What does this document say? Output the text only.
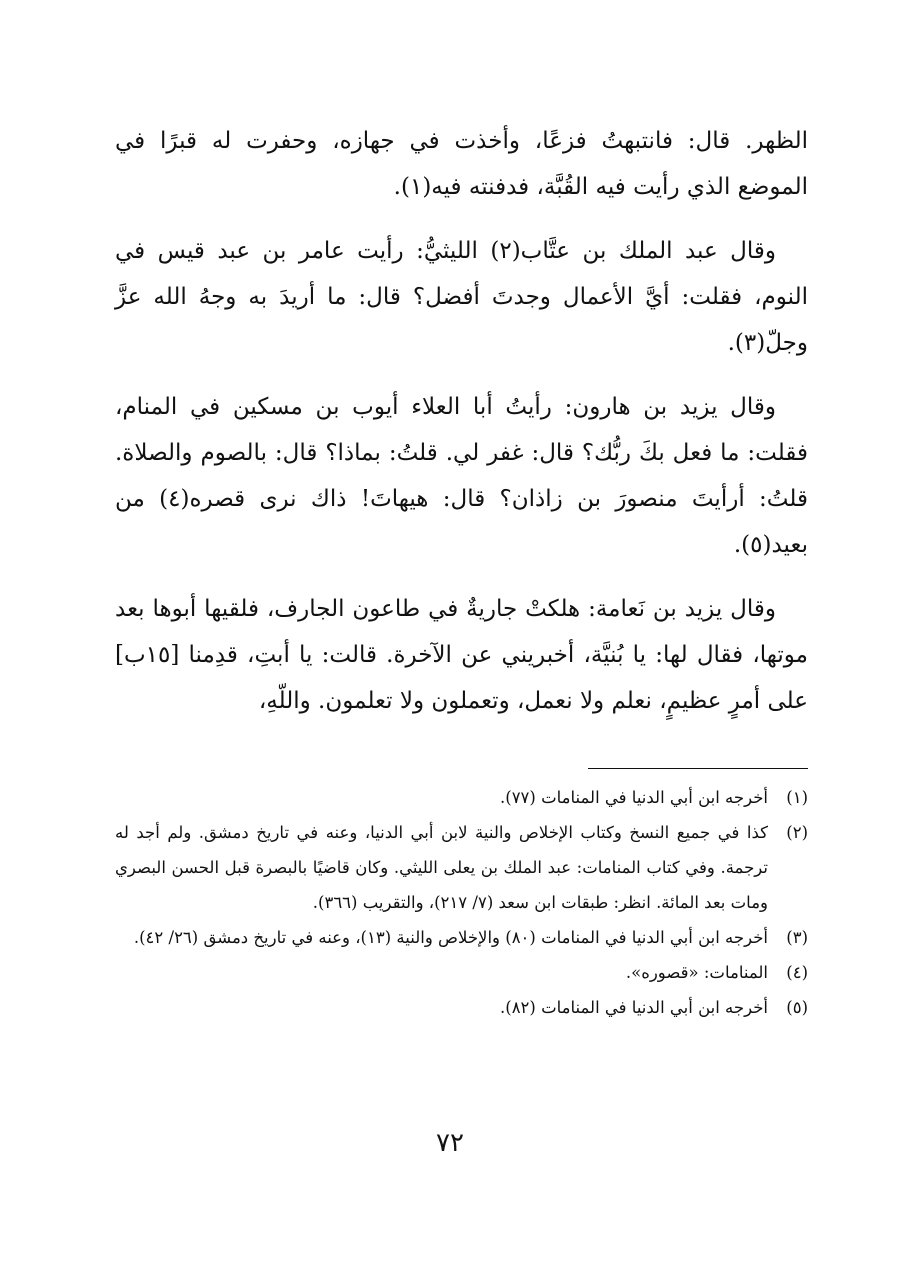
الظهر. قال: فانتبهتُ فزعًا، وأخذت في جهازه، وحفرت له قبرًا في الموضع الذي رأيت فيه القُبَّة، فدفنته فيه(١).

وقال عبد الملك بن عتَّاب(٢) الليثيُّ: رأيت عامر بن عبد قيس في النوم، فقلت: أيَّ الأعمال وجدتَ أفضل؟ قال: ما أريدَ به وجهُ الله عزَّ وجلّ(٣).

وقال يزيد بن هارون: رأيتُ أبا العلاء أيوب بن مسكين في المنام، فقلت: ما فعل بكَ ربُّك؟ قال: غفر لي. قلتُ: بماذا؟ قال: بالصوم والصلاة. قلتُ: أرأيتَ منصورَ بن زاذان؟ قال: هيهاتَ! ذاك نرى قصره(٤) من بعيد(٥).

وقال يزيد بن نَعامة: هلكتْ جاريةٌ في طاعون الجارف، فلقيها أبوها بعد موتها، فقال لها: يا بُنيَّة، أخبريني عن الآخرة. قالت: يا أبتِ، قدِمنا [١٥ب] على أمرٍ عظيمٍ، نعلم ولا نعمل، وتعملون ولا تعلمون. واللّهِ،

(١)
أخرجه ابن أبي الدنيا في المنامات (٧٧).
(٢)
كذا في جميع النسخ وكتاب الإخلاص والنية لابن أبي الدنيا، وعنه في تاريخ دمشق. ولم أجد له ترجمة. وفي كتاب المنامات: عبد الملك بن يعلى الليثي. وكان قاضيًا بالبصرة قبل الحسن البصري ومات بعد المائة. انظر: طبقات ابن سعد (٧/ ٢١٧)، والتقريب (٣٦٦).
(٣)
أخرجه ابن أبي الدنيا في المنامات (٨٠) والإخلاص والنية (١٣)، وعنه في تاريخ دمشق (٢٦/ ٤٢).
(٤)
المنامات: «قصوره».
(٥)
أخرجه ابن أبي الدنيا في المنامات (٨٢).
٧٢
